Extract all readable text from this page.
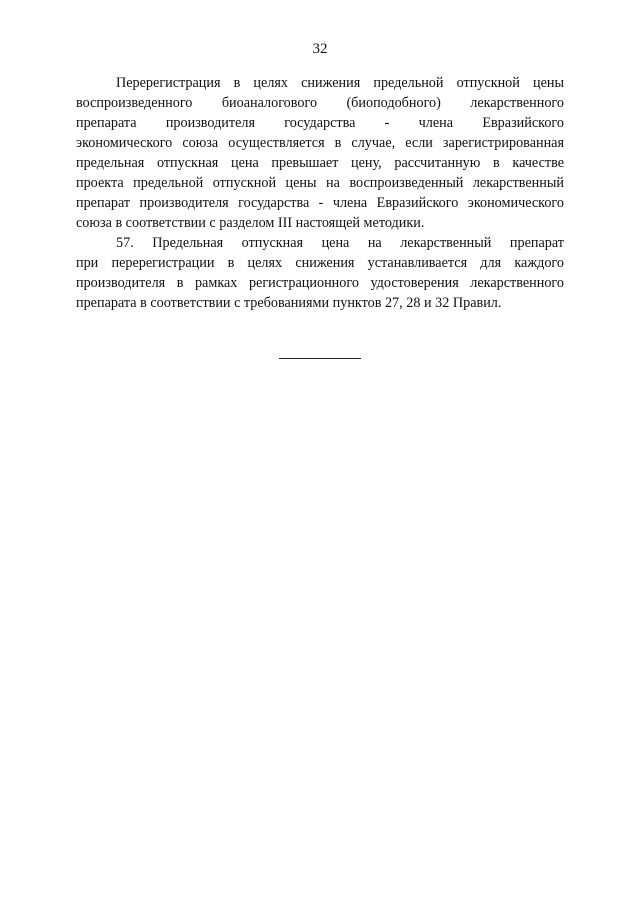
32
Перерегистрация в целях снижения предельной отпускной цены
воспроизведенного биоаналогового (биоподобного) лекарственного
препарата производителя государства - члена Евразийского
экономического союза осуществляется в случае, если зарегистрированная
предельная отпускная цена превышает цену, рассчитанную в качестве
проекта предельной отпускной цены на воспроизведенный лекарственный
препарат производителя государства - члена Евразийского экономического
союза в соответствии с разделом III настоящей методики.
57. Предельная отпускная цена на лекарственный препарат
при перерегистрации в целях снижения устанавливается для каждого
производителя в рамках регистрационного удостоверения лекарственного
препарата в соответствии с требованиями пунктов 27, 28 и 32 Правил.
